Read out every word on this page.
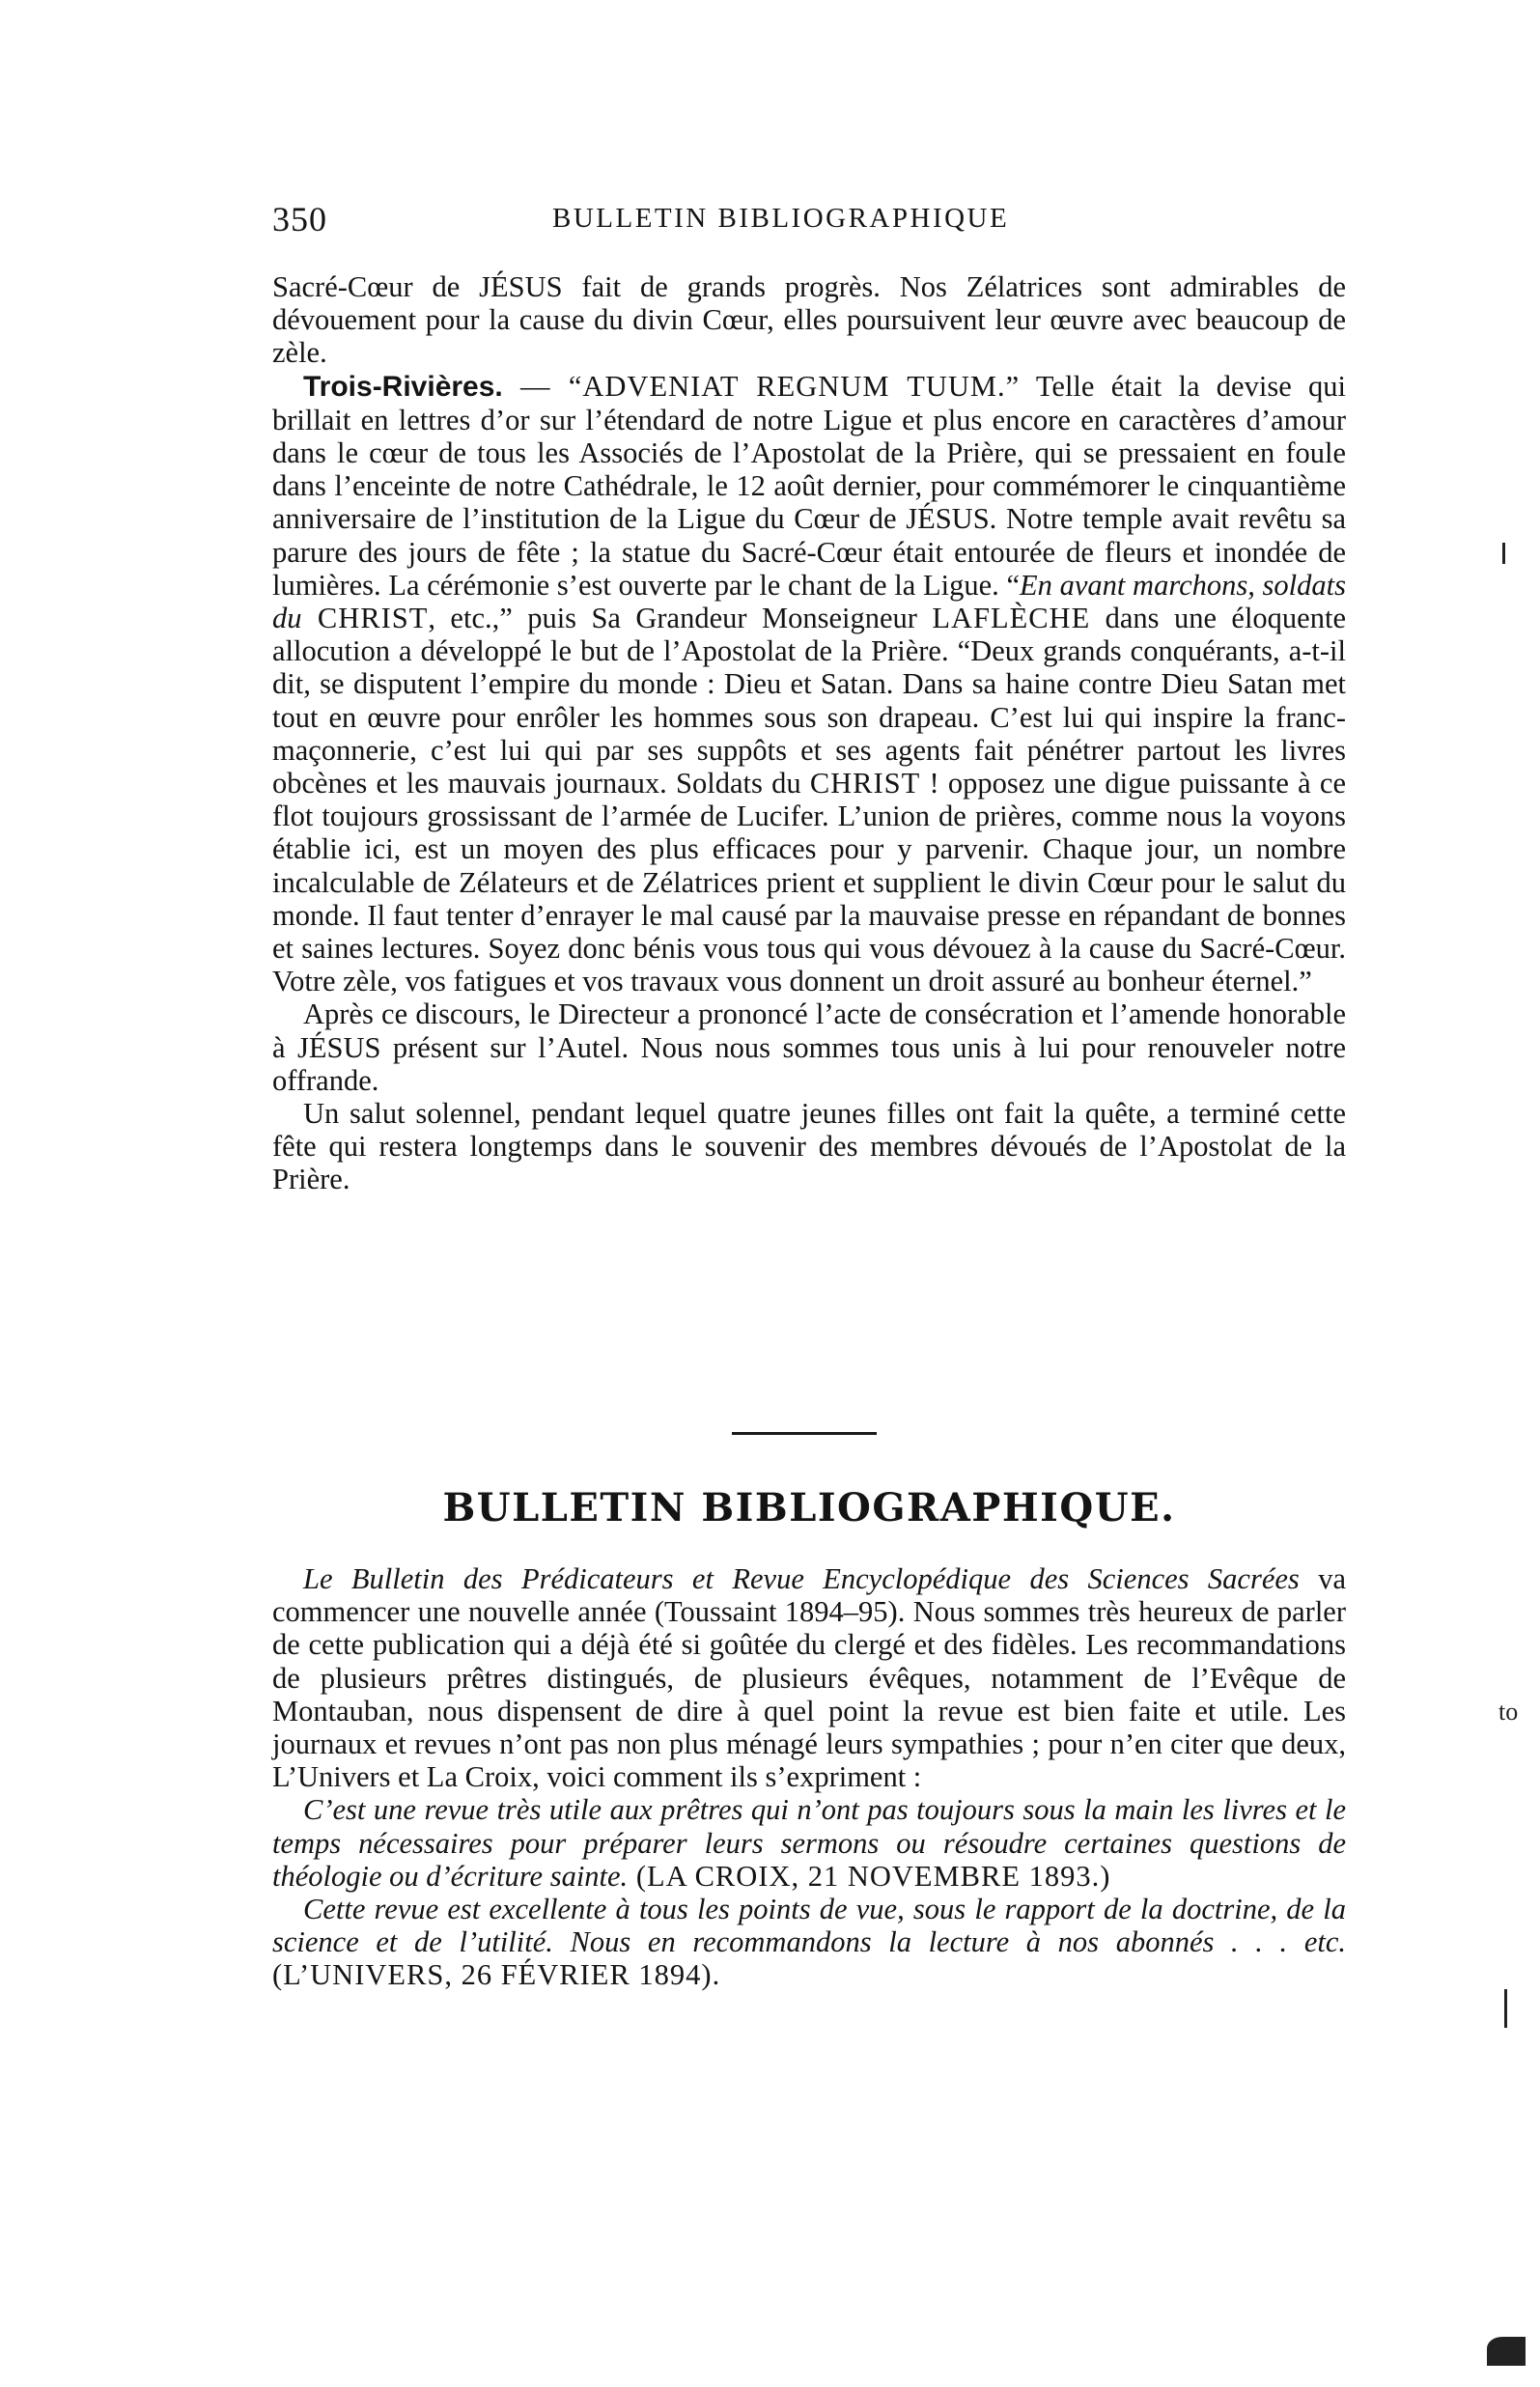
350	BULLETIN BIBLIOGRAPHIQUE

Sacré-Cœur de JÉSUS fait de grands progrès. Nos Zélatrices sont admirables de dévouement pour la cause du divin Cœur, elles poursuivent leur œuvre avec beaucoup de zèle.

Trois-Rivières. — “ADVENIAT REGNUM TUUM.” Telle était la devise qui brillait en lettres d’or sur l’étendard de notre Ligue et plus encore en caractères d’amour dans le cœur de tous les Associés de l’Apostolat de la Prière, qui se pressaient en foule dans l’enceinte de notre Cathédrale, le 12 août dernier, pour commémorer le cinquantième anniversaire de l’institution de la Ligue du Cœur de JÉSUS. Notre temple avait revêtu sa parure des jours de fête ; la statue du Sacré-Cœur était entourée de fleurs et inondée de lumières. La cérémonie s’est ouverte par le chant de la Ligue. “En avant marchons, soldats du CHRIST, etc.,” puis Sa Grandeur Monseigneur LAFLÈCHE dans une éloquente allocution a développé le but de l’Apostolat de la Prière. “Deux grands conquérants, a-t-il dit, se disputent l’empire du monde : Dieu et Satan. Dans sa haine contre Dieu Satan met tout en œuvre pour enrôler les hommes sous son drapeau. C’est lui qui inspire la franc-maçonnerie, c’est lui qui par ses suppôts et ses agents fait pénétrer partout les livres obcènes et les mauvais journaux. Soldats du CHRIST ! opposez une digue puissante à ce flot toujours grossissant de l’armée de Lucifer. L’union de prières, comme nous la voyons établie ici, est un moyen des plus efficaces pour y parvenir. Chaque jour, un nombre incalculable de Zélateurs et de Zélatrices prient et supplient le divin Cœur pour le salut du monde. Il faut tenter d’enrayer le mal causé par la mauvaise presse en répandant de bonnes et saines lectures. Soyez donc bénis vous tous qui vous dévouez à la cause du Sacré-Cœur. Votre zèle, vos fatigues et vos travaux vous donnent un droit assuré au bonheur éternel.”

Après ce discours, le Directeur a prononcé l’acte de consécration et l’amende honorable à JÉSUS présent sur l’Autel. Nous nous sommes tous unis à lui pour renouveler notre offrande.

Un salut solennel, pendant lequel quatre jeunes filles ont fait la quête, a terminé cette fête qui restera longtemps dans le souvenir des membres dévoués de l’Apostolat de la Prière.

BULLETIN BIBLIOGRAPHIQUE.

Le Bulletin des Prédicateurs et Revue Encyclopédique des Sciences Sacrées va commencer une nouvelle année (Toussaint 1894–95). Nous sommes très heureux de parler de cette publication qui a déjà été si goûtée du clergé et des fidèles. Les recommandations de plusieurs prêtres distingués, de plusieurs évêques, notamment de l’Evêque de Montauban, nous dispensent de dire à quel point la revue est bien faite et utile. Les journaux et revues n’ont pas non plus ménagé leurs sympathies ; pour n’en citer que deux, L’Univers et La Croix, voici comment ils s’expriment :

C’est une revue très utile aux prêtres qui n’ont pas toujours sous la main les livres et le temps nécessaires pour préparer leurs sermons ou résoudre certaines questions de théologie ou d’écriture sainte. (LA CROIX, 21 NOVEMBRE 1893.)

Cette revue est excellente à tous les points de vue, sous le rapport de la doctrine, de la science et de l’utilité. Nous en recommandons la lecture à nos abonnés . . . etc. (L’UNIVERS, 26 FÉVRIER 1894).

to
